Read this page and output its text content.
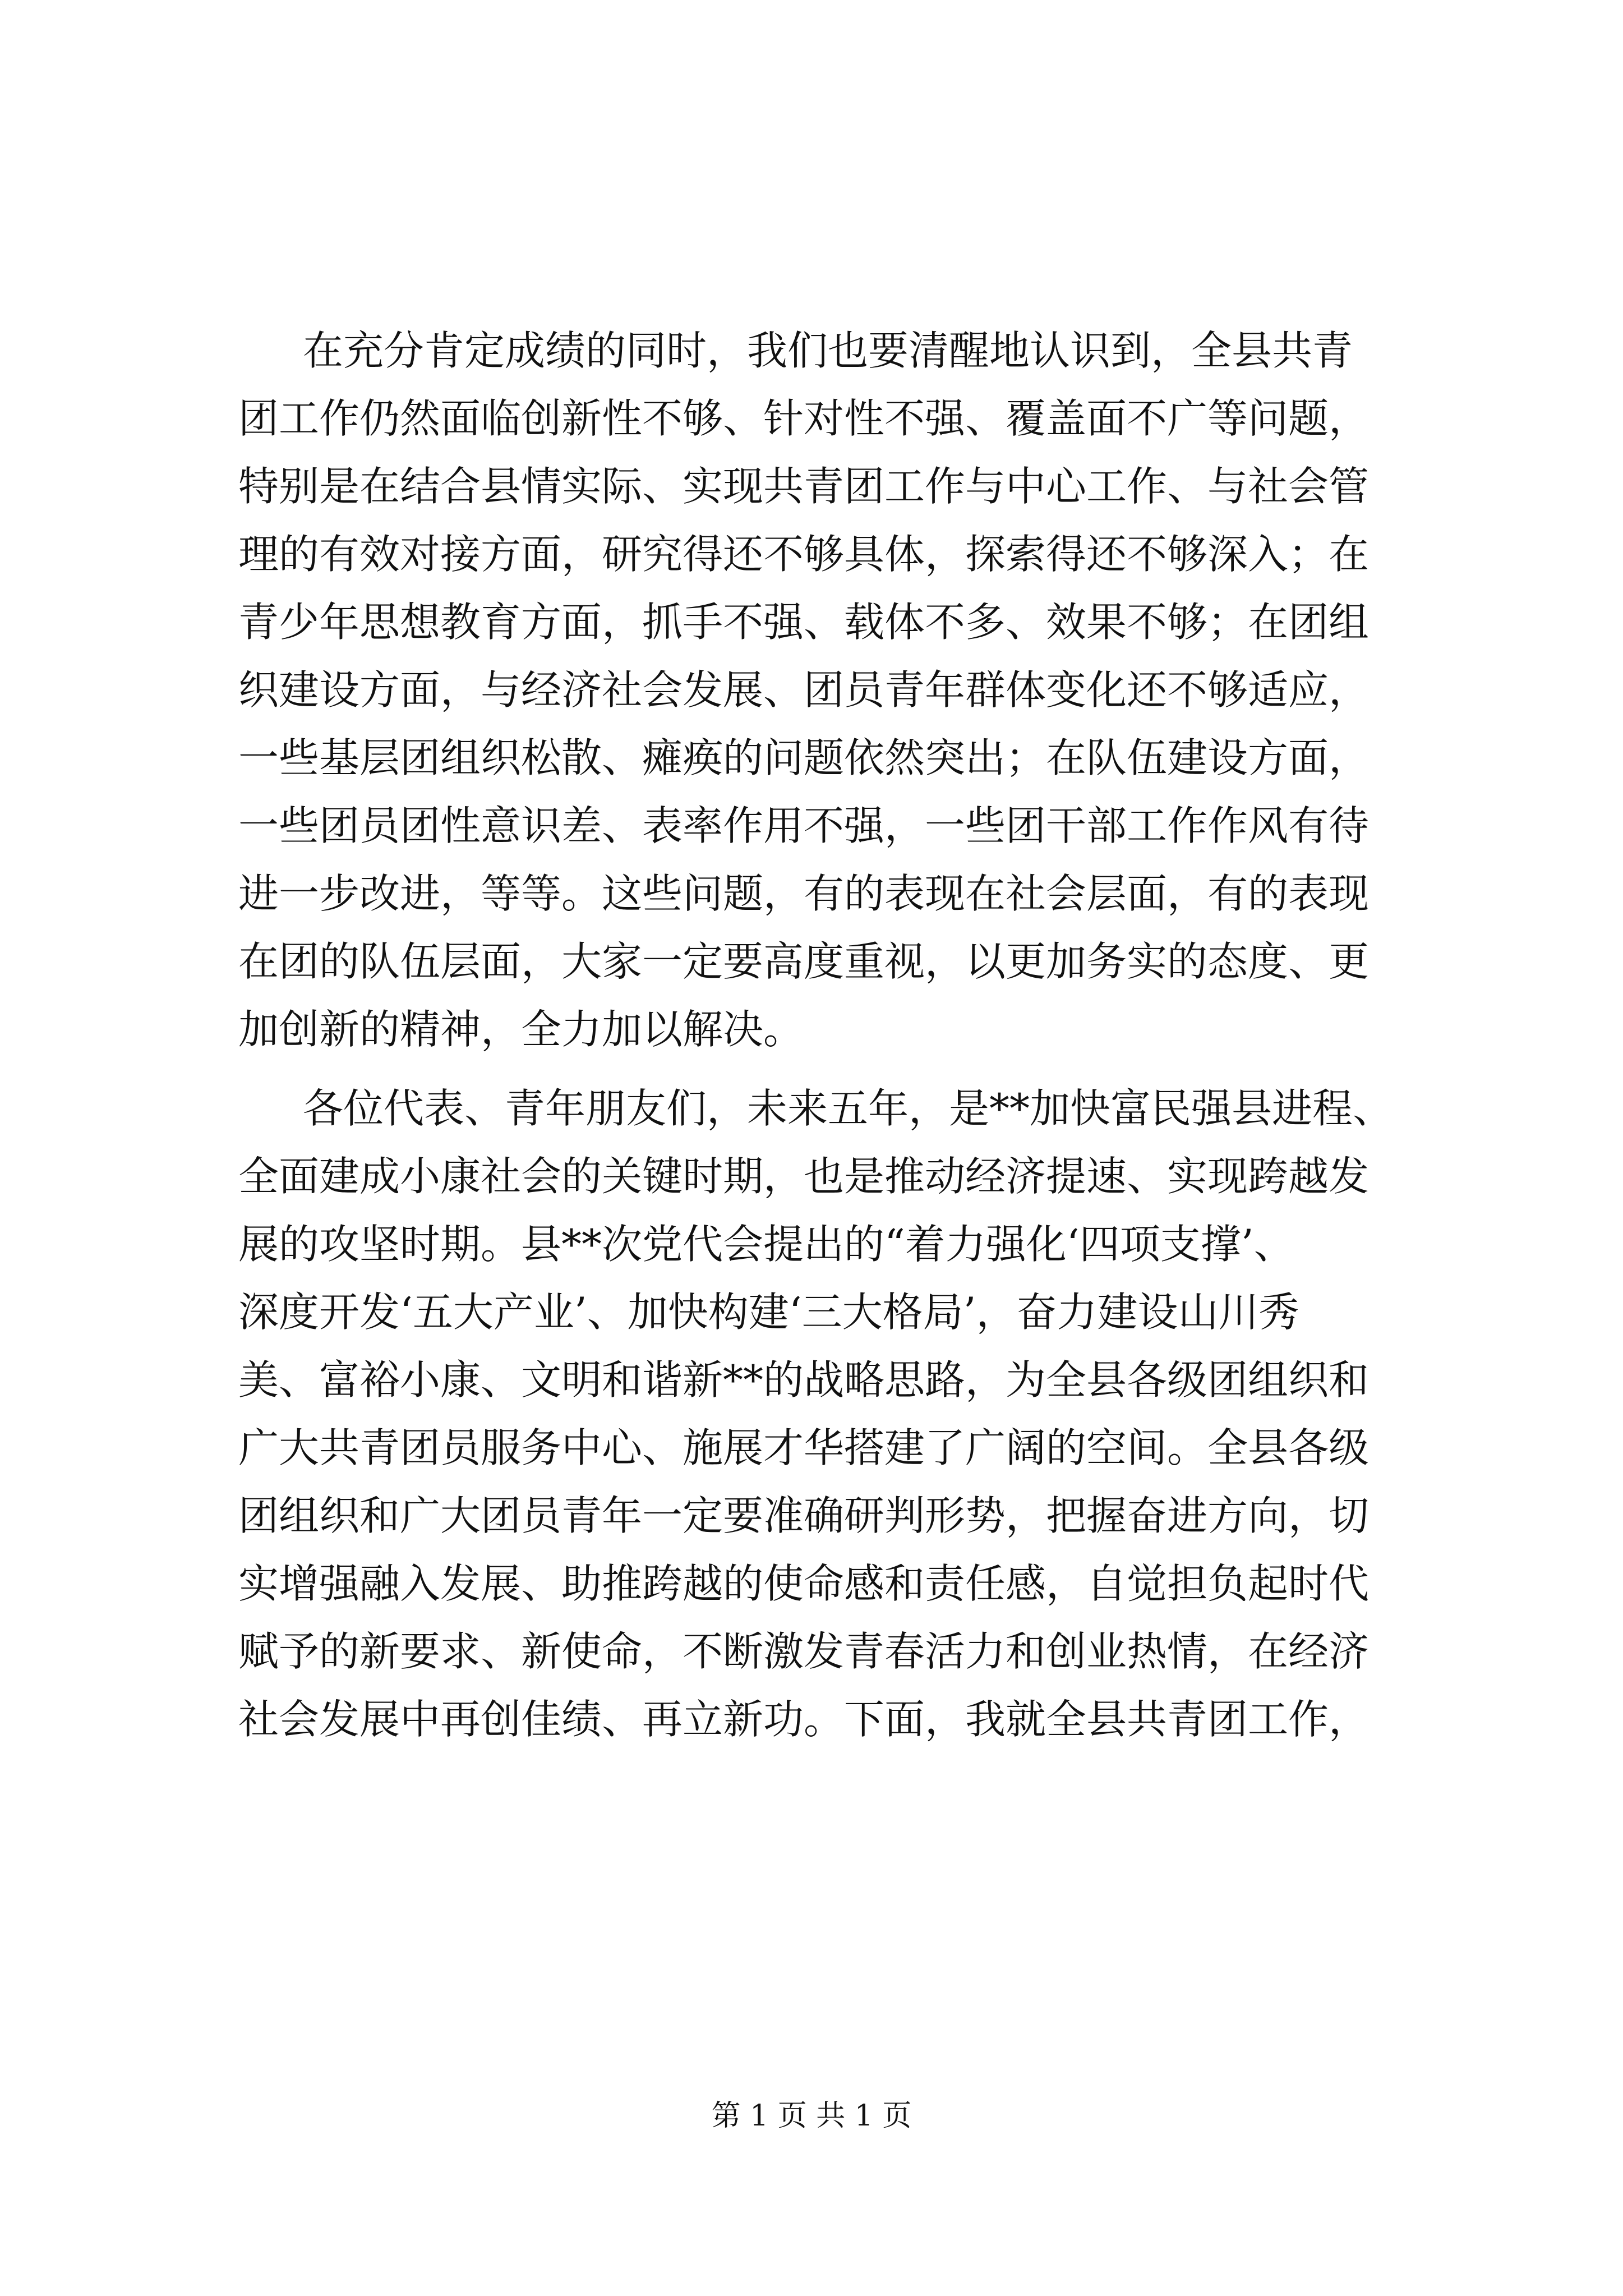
在充分肯定成绩的同时，我们也要清醒地认识到，全县共青
团工作仍然面临创新性不够、针对性不强、覆盖面不广等问题，
特别是在结合县情实际、实现共青团工作与中心工作、与社会管
理的有效对接方面，研究得还不够具体，探索得还不够深入；在
青少年思想教育方面，抓手不强、载体不多、效果不够；在团组
织建设方面，与经济社会发展、团员青年群体变化还不够适应，
一些基层团组织松散、瘫痪的问题依然突出；在队伍建设方面，
一些团员团性意识差、表率作用不强，一些团干部工作作风有待
进一步改进，等等。这些问题，有的表现在社会层面，有的表现
在团的队伍层面，大家一定要高度重视，以更加务实的态度、更
加创新的精神，全力加以解决。
各位代表、青年朋友们，未来五年，是**加快富民强县进程、
全面建成小康社会的关键时期，也是推动经济提速、实现跨越发
展的攻坚时期。县**次党代会提出的“着力强化‘四项支撑’、
深度开发‘五大产业’、加快构建‘三大格局’，奋力建设山川秀
美、富裕小康、文明和谐新**的战略思路，为全县各级团组织和
广大共青团员服务中心、施展才华搭建了广阔的空间。全县各级
团组织和广大团员青年一定要准确研判形势，把握奋进方向，切
实增强融入发展、助推跨越的使命感和责任感，自觉担负起时代
赋予的新要求、新使命，不断激发青春活力和创业热情，在经济
社会发展中再创佳绩、再立新功。下面，我就全县共青团工作，
第 1 页 共 1 页
